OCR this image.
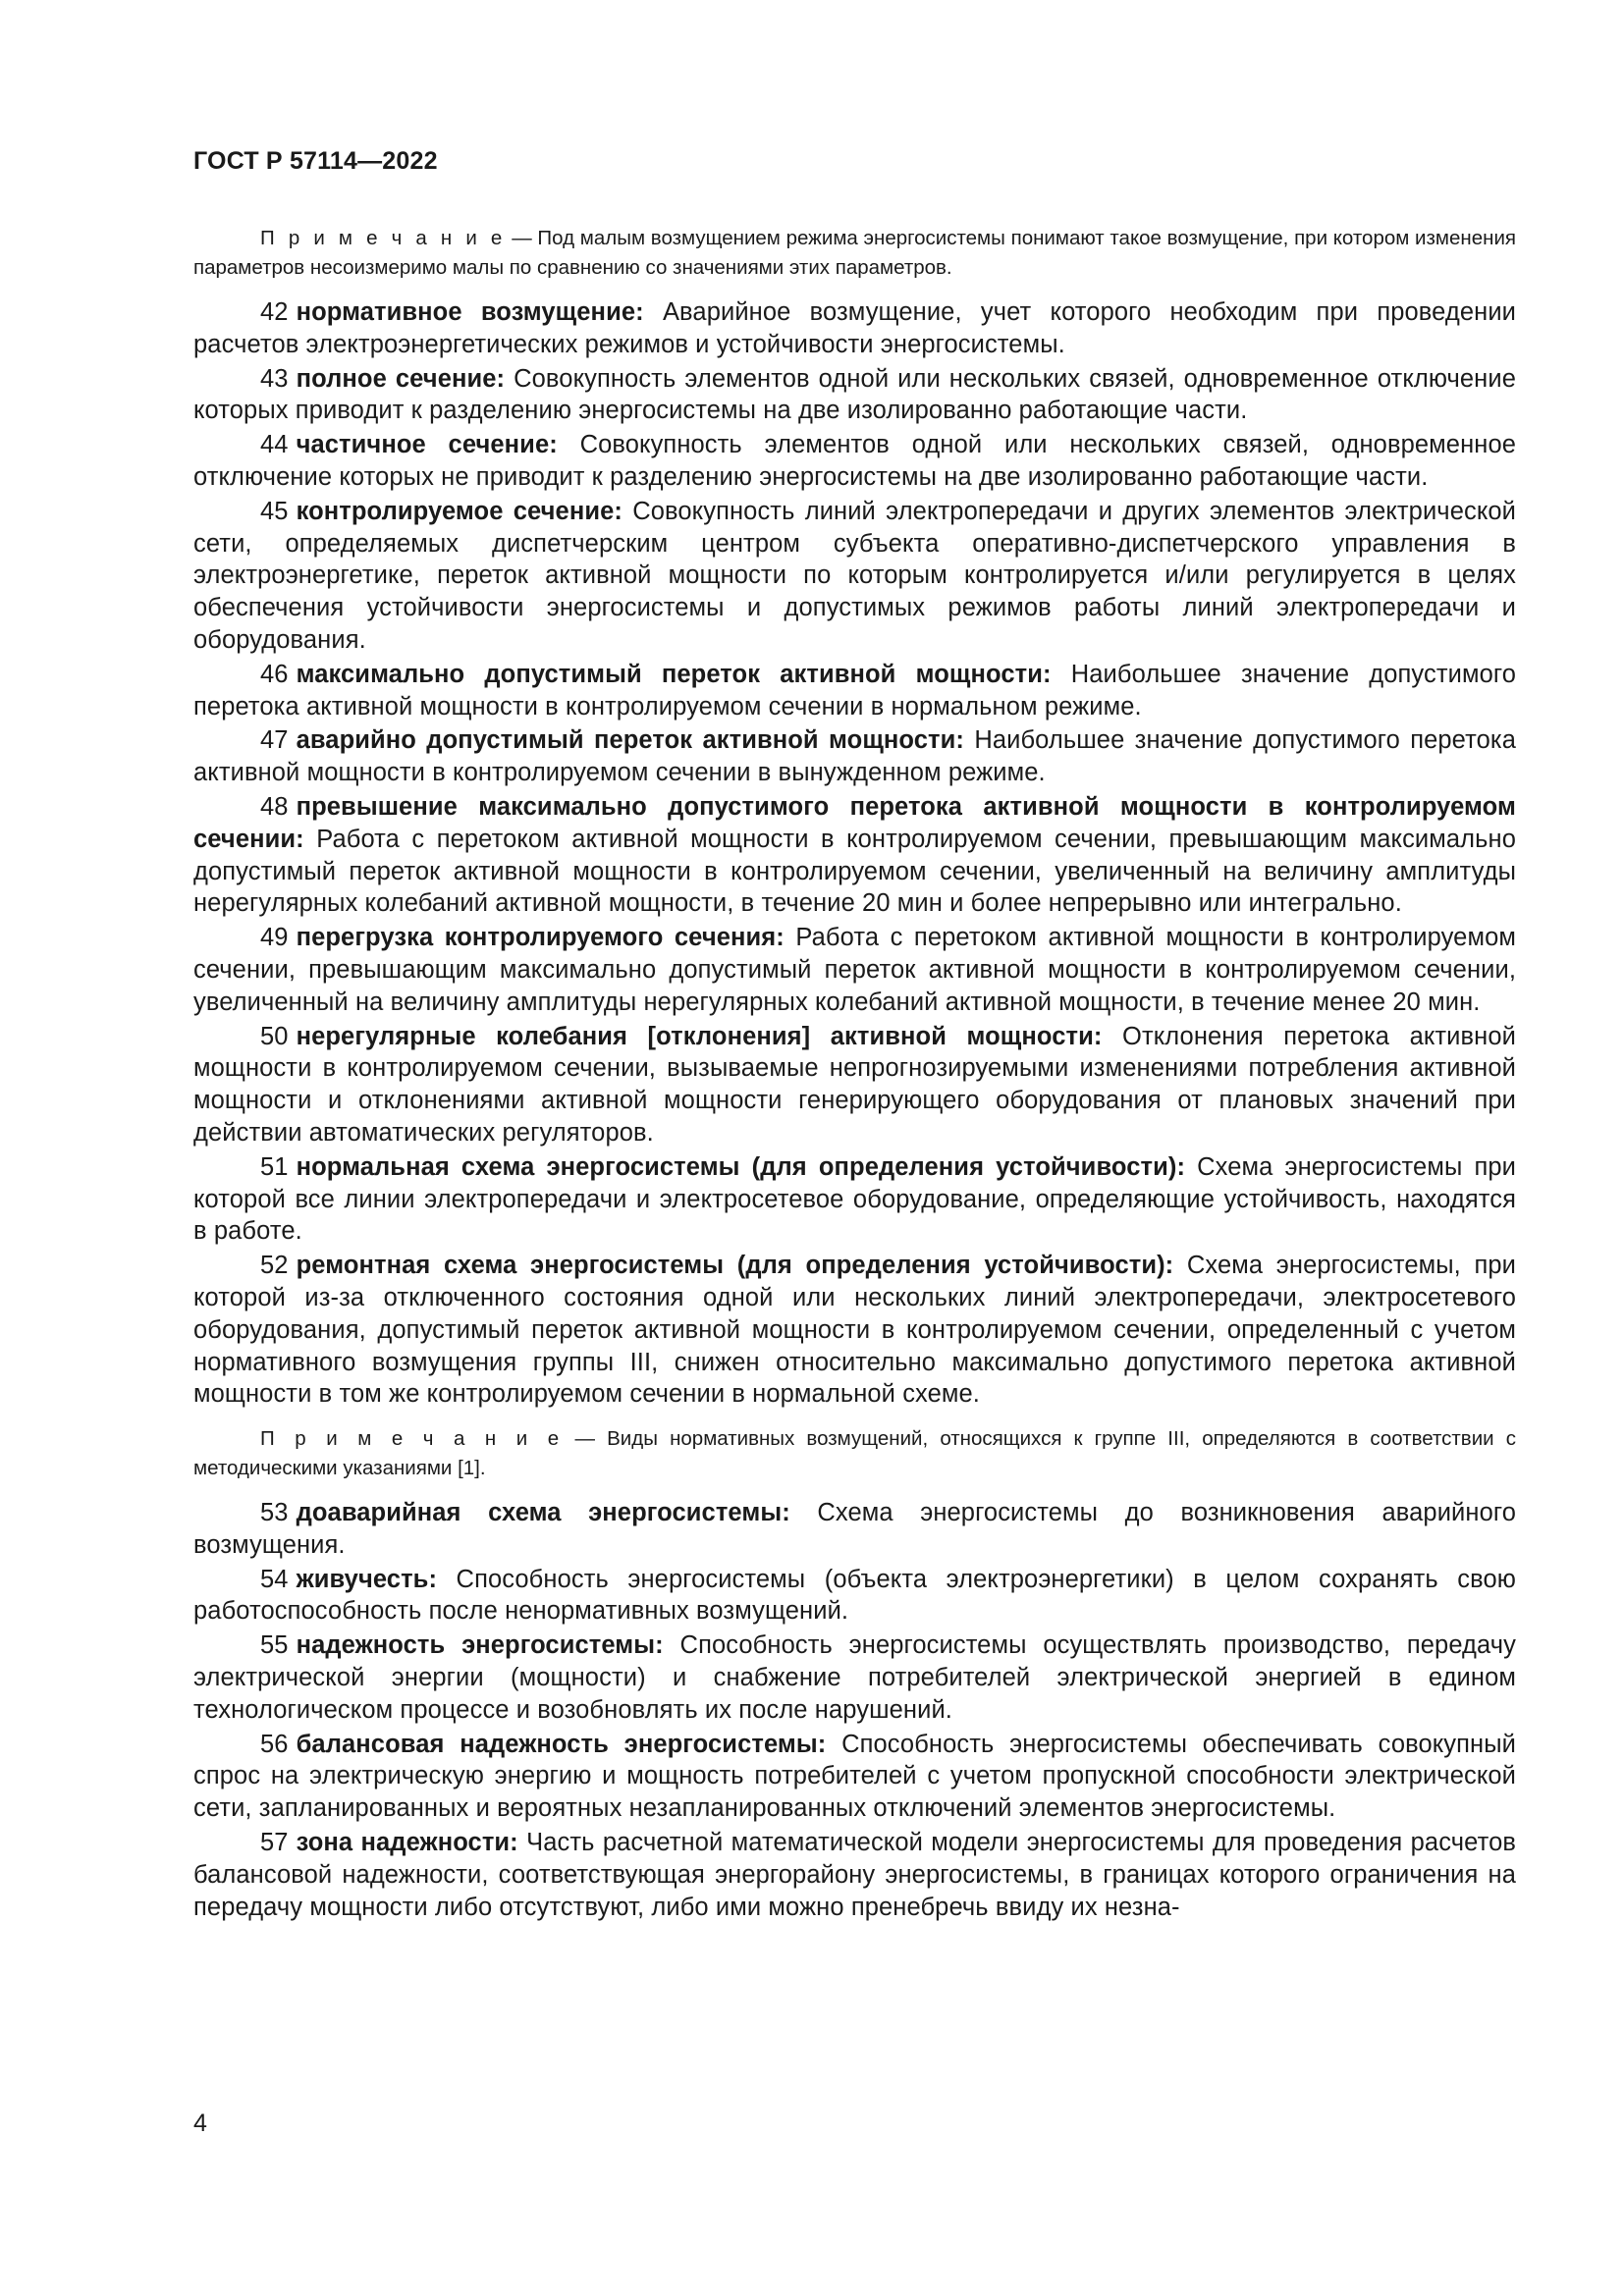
ГОСТ Р 57114—2022

П р и м е ч а н и е — Под малым возмущением режима энергосистемы понимают такое возмущение, при котором изменения параметров несоизмеримо малы по сравнению со значениями этих параметров.

42 нормативное возмущение: Аварийное возмущение, учет которого необходим при проведении расчетов электроэнергетических режимов и устойчивости энергосистемы.

43 полное сечение: Совокупность элементов одной или нескольких связей, одновременное отключение которых приводит к разделению энергосистемы на две изолированно работающие части.

44 частичное сечение: Совокупность элементов одной или нескольких связей, одновременное отключение которых не приводит к разделению энергосистемы на две изолированно работающие части.

45 контролируемое сечение: Совокупность линий электропередачи и других элементов электрической сети, определяемых диспетчерским центром субъекта оперативно-диспетчерского управления в электроэнергетике, переток активной мощности по которым контролируется и/или регулируется в целях обеспечения устойчивости энергосистемы и допустимых режимов работы линий электропередачи и оборудования.

46 максимально допустимый переток активной мощности: Наибольшее значение допустимого перетока активной мощности в контролируемом сечении в нормальном режиме.

47 аварийно допустимый переток активной мощности: Наибольшее значение допустимого перетока активной мощности в контролируемом сечении в вынужденном режиме.

48 превышение максимально допустимого перетока активной мощности в контролируемом сечении: Работа с перетоком активной мощности в контролируемом сечении, превышающим максимально допустимый переток активной мощности в контролируемом сечении, увеличенный на величину амплитуды нерегулярных колебаний активной мощности, в течение 20 мин и более непрерывно или интегрально.

49 перегрузка контролируемого сечения: Работа с перетоком активной мощности в контролируемом сечении, превышающим максимально допустимый переток активной мощности в контролируемом сечении, увеличенный на величину амплитуды нерегулярных колебаний активной мощности, в течение менее 20 мин.

50 нерегулярные колебания [отклонения] активной мощности: Отклонения перетока активной мощности в контролируемом сечении, вызываемые непрогнозируемыми изменениями потребления активной мощности и отклонениями активной мощности генерирующего оборудования от плановых значений при действии автоматических регуляторов.

51 нормальная схема энергосистемы (для определения устойчивости): Схема энергосистемы при которой все линии электропередачи и электросетевое оборудование, определяющие устойчивость, находятся в работе.

52 ремонтная схема энергосистемы (для определения устойчивости): Схема энергосистемы, при которой из-за отключенного состояния одной или нескольких линий электропередачи, электросетевого оборудования, допустимый переток активной мощности в контролируемом сечении, определенный с учетом нормативного возмущения группы III, снижен относительно максимально допустимого перетока активной мощности в том же контролируемом сечении в нормальной схеме.

П р и м е ч а н и е — Виды нормативных возмущений, относящихся к группе III, определяются в соответствии с методическими указаниями [1].

53 доаварийная схема энергосистемы: Схема энергосистемы до возникновения аварийного возмущения.

54 живучесть: Способность энергосистемы (объекта электроэнергетики) в целом сохранять свою работоспособность после ненормативных возмущений.

55 надежность энергосистемы: Способность энергосистемы осуществлять производство, передачу электрической энергии (мощности) и снабжение потребителей электрической энергией в едином технологическом процессе и возобновлять их после нарушений.

56 балансовая надежность энергосистемы: Способность энергосистемы обеспечивать совокупный спрос на электрическую энергию и мощность потребителей с учетом пропускной способности электрической сети, запланированных и вероятных незапланированных отключений элементов энергосистемы.

57 зона надежности: Часть расчетной математической модели энергосистемы для проведения расчетов балансовой надежности, соответствующая энергорайону энергосистемы, в границах которого ограничения на передачу мощности либо отсутствуют, либо ими можно пренебречь ввиду их незна-

4
